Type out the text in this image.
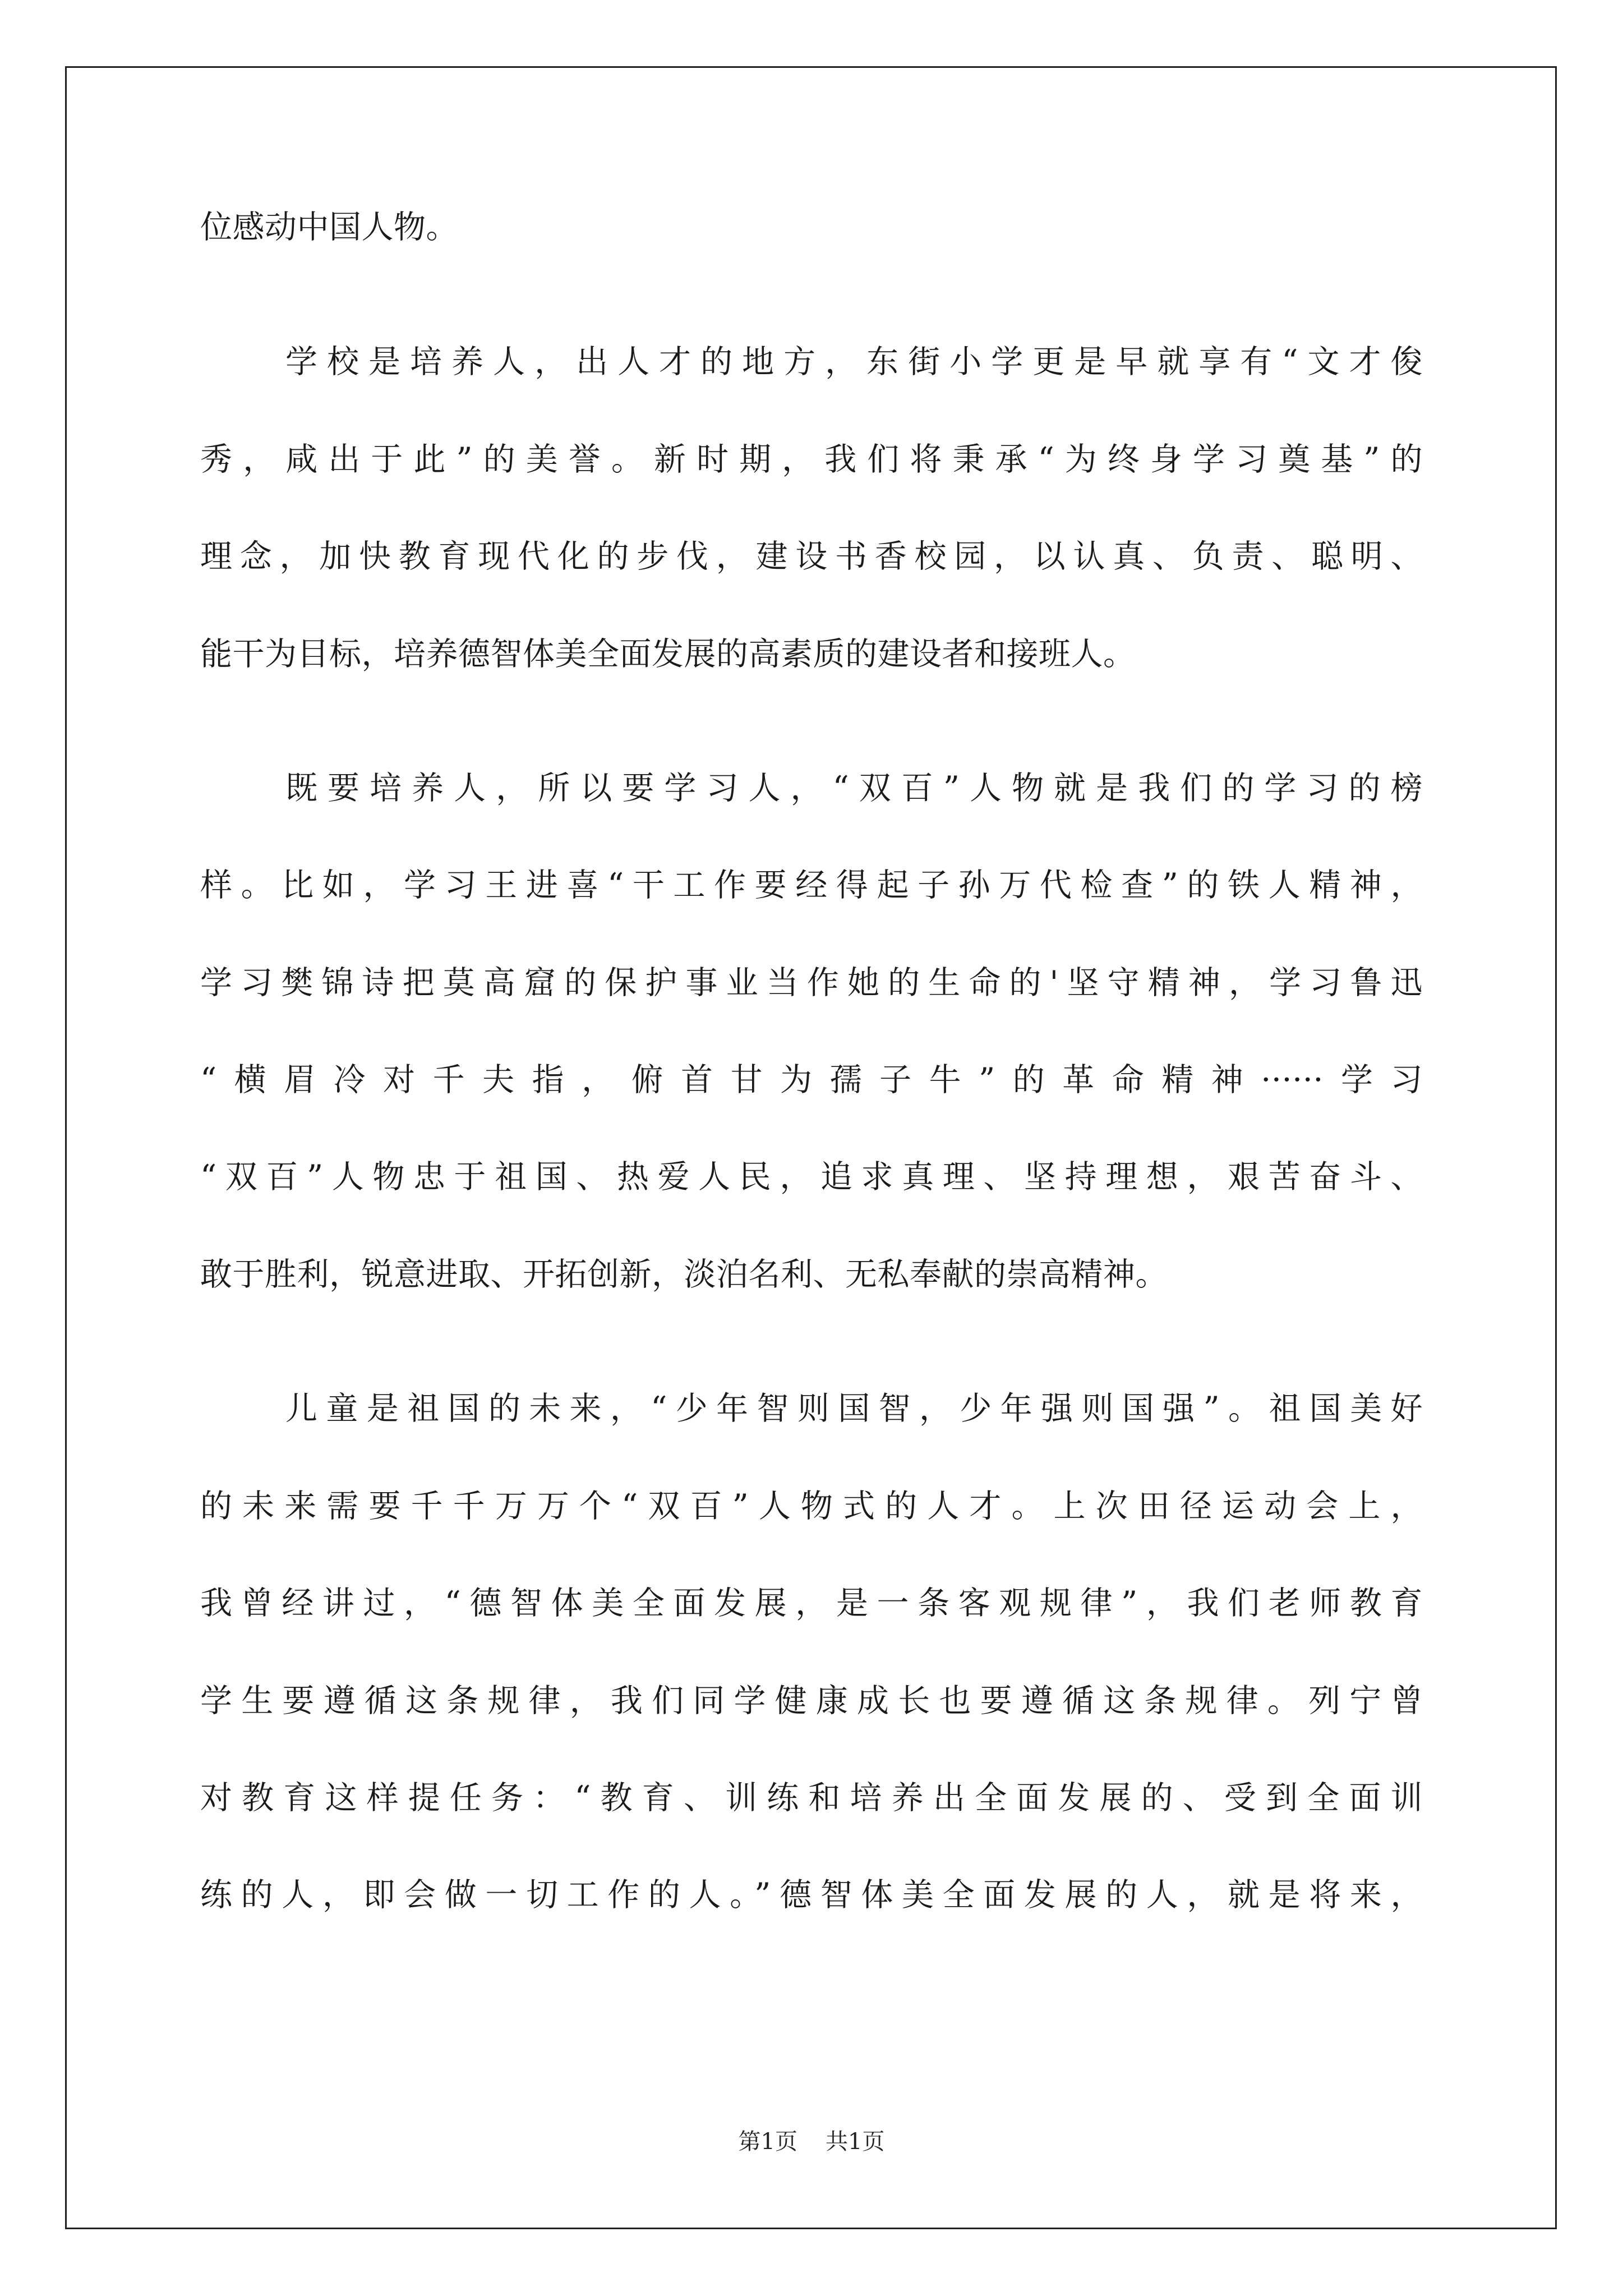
位感动中国人物。
学校是培养人，出人才的地方，东街小学更是早就享有“文才俊
秀，咸出于此”的美誉。新时期，我们将秉承“为终身学习奠基”的
理念，加快教育现代化的步伐，建设书香校园，以认真、负责、聪明、
能干为目标，培养德智体美全面发展的高素质的建设者和接班人。
既要培养人，所以要学习人，“双百”人物就是我们的学习的榜
样。比如，学习王进喜“干工作要经得起子孙万代检查”的铁人精神，
学习樊锦诗把莫高窟的保护事业当作她的生命的'坚守精神，学习鲁迅
“横眉冷对千夫指，俯首甘为孺子牛”的革命精神······学习
“双百”人物忠于祖国、热爱人民，追求真理、坚持理想，艰苦奋斗、
敢于胜利，锐意进取、开拓创新，淡泊名利、无私奉献的崇高精神。
儿童是祖国的未来，“少年智则国智，少年强则国强”。祖国美好
的未来需要千千万万个“双百”人物式的人才。上次田径运动会上，
我曾经讲过，“德智体美全面发展，是一条客观规律”，我们老师教育
学生要遵循这条规律，我们同学健康成长也要遵循这条规律。列宁曾
对教育这样提任务：“教育、训练和培养出全面发展的、受到全面训
练的人，即会做一切工作的人。”德智体美全面发展的人，就是将来，
第1页 共1页
